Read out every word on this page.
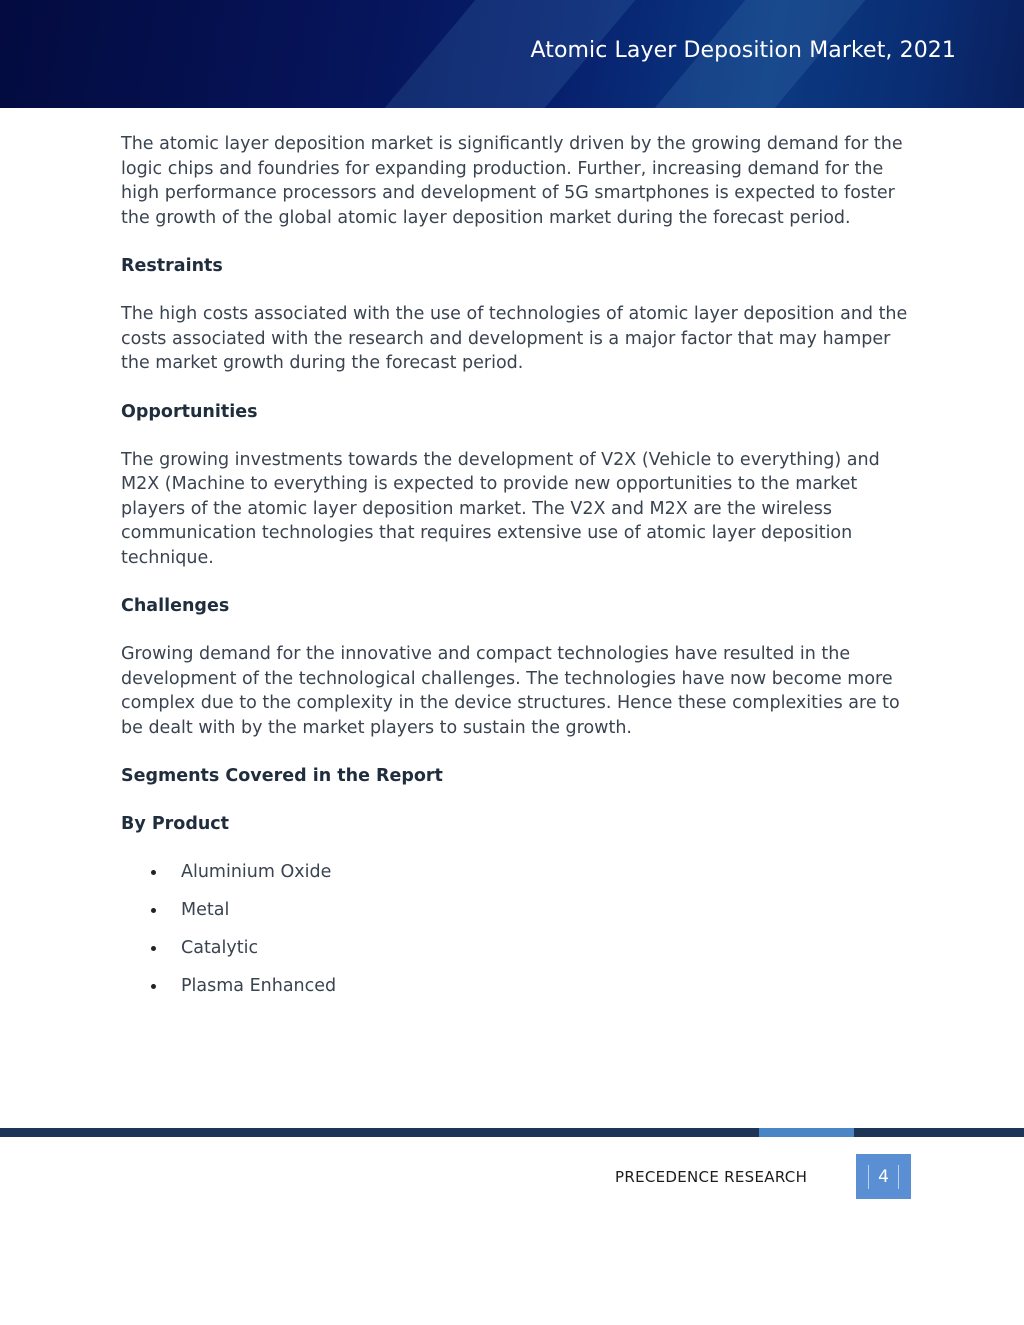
Atomic Layer Deposition Market, 2021

The atomic layer deposition market is significantly driven by the growing demand for the logic chips and foundries for expanding production. Further, increasing demand for the high performance processors and development of 5G smartphones is expected to foster the growth of the global atomic layer deposition market during the forecast period.

Restraints

The high costs associated with the use of technologies of atomic layer deposition and the costs associated with the research and development is a major factor that may hamper the market growth during the forecast period.

Opportunities

The growing investments towards the development of V2X (Vehicle to everything) and M2X (Machine to everything is expected to provide new opportunities to the market players of the atomic layer deposition market. The V2X and M2X are the wireless communication technologies that requires extensive use of atomic layer deposition technique.

Challenges

Growing demand for the innovative and compact technologies have resulted in the development of the technological challenges. The technologies have now become more complex due to the complexity in the device structures. Hence these complexities are to be dealt with by the market players to sustain the growth.

Segments Covered in the Report
By Product
Aluminium Oxide
Metal
Catalytic
Plasma Enhanced
PRECEDENCE RESEARCH	4
